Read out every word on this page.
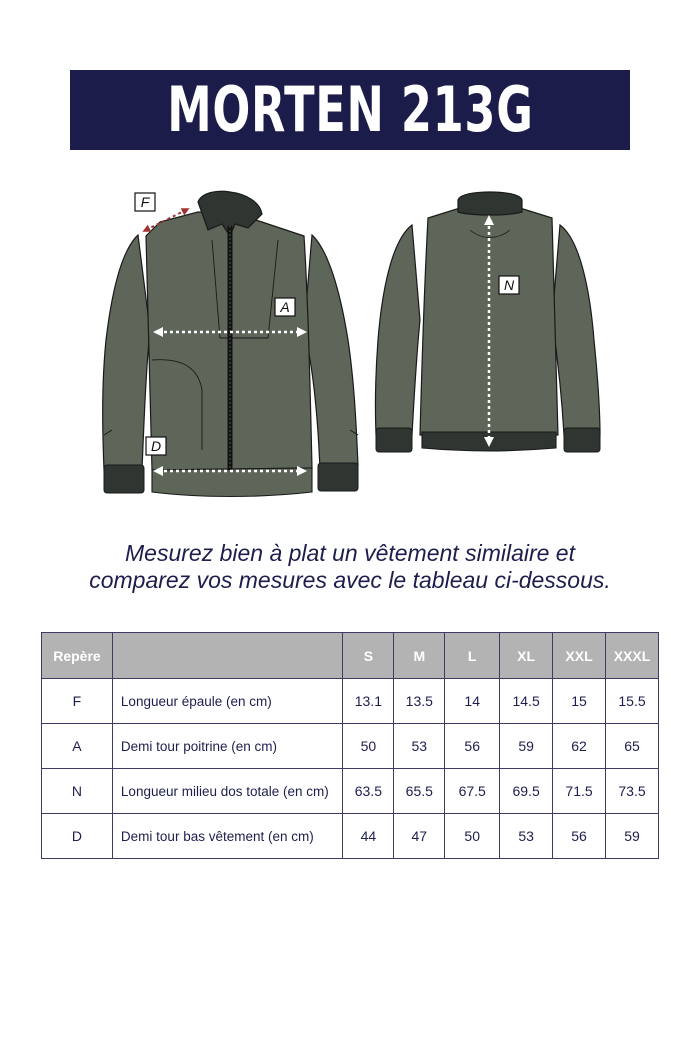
MORTEN 213G
F
A
D
N
Mesurez bien à plat un vêtement similaire et
comparez vos mesures avec le tableau ci-dessous.
Repère		S	M	L	XL	XXL	XXXL
F	Longueur épaule (en cm)	13.1	13.5	14	14.5	15	15.5
A	Demi tour poitrine (en cm)	50	53	56	59	62	65
N	Longueur milieu dos totale (en cm)	63.5	65.5	67.5	69.5	71.5	73.5
D	Demi tour bas vêtement (en cm)	44	47	50	53	56	59
